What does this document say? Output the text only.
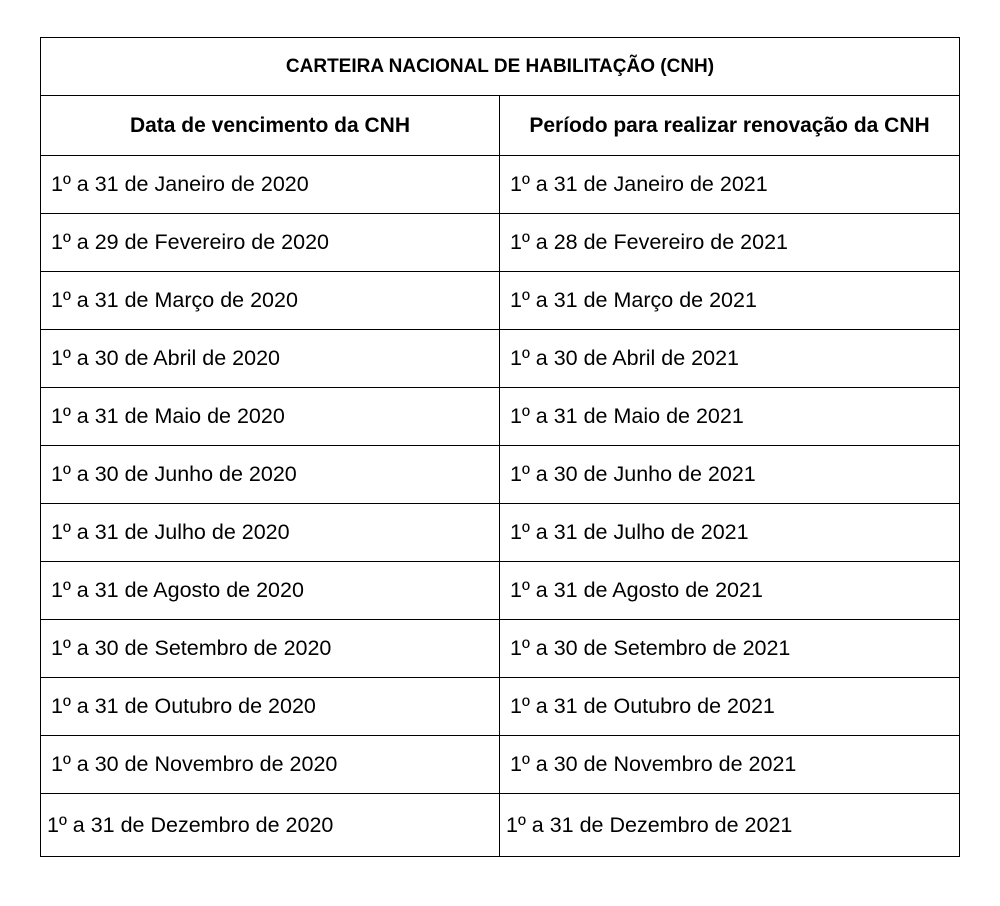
CARTEIRA NACIONAL DE HABILITAÇÃO (CNH)	
Data de vencimento da CNH	Período para realizar renovação da CNH
1º a 31 de Janeiro de 2020	1º a 31 de Janeiro de 2021
1º a 29 de Fevereiro de 2020	1º a 28 de Fevereiro de 2021
1º a 31 de Março de 2020	1º a 31 de Março de 2021
1º a 30 de Abril de 2020	1º a 30 de Abril de 2021
1º a 31 de Maio de 2020	1º a 31 de Maio de 2021
1º a 30 de Junho de 2020	1º a 30 de Junho de 2021
1º a 31 de Julho de 2020	1º a 31 de Julho de 2021
1º a 31 de Agosto de 2020	1º a 31 de Agosto de 2021
1º a 30 de Setembro de 2020	1º a 30 de Setembro de 2021
1º a 31 de Outubro de 2020	1º a 31 de Outubro de 2021
1º a 30 de Novembro de 2020	1º a 30 de Novembro de 2021
1º a 31 de Dezembro de 2020	1º a 31 de Dezembro de 2021
